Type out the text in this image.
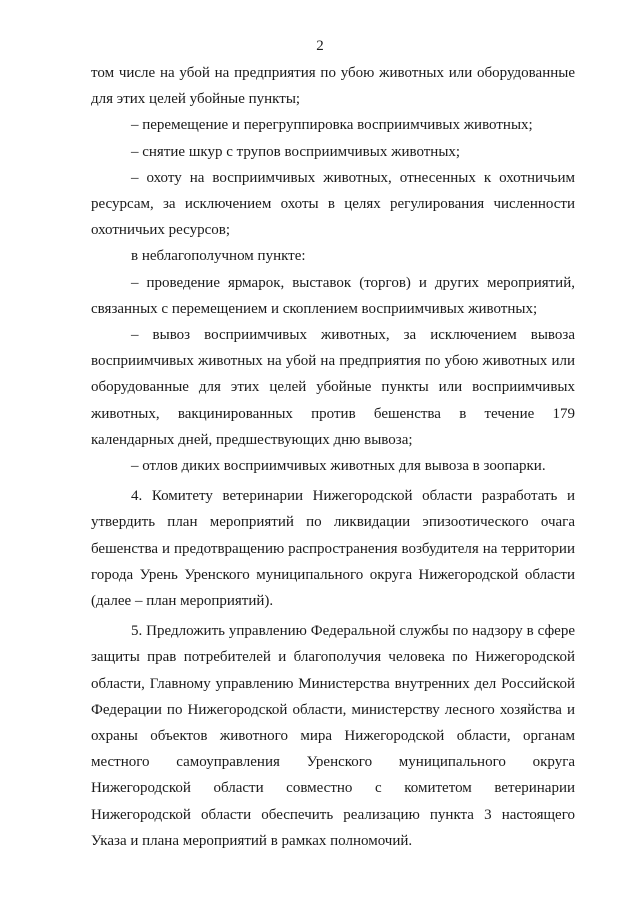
2

том числе на убой на предприятия по убою животных или оборудованные для этих целей убойные пункты;

– перемещение и перегруппировка восприимчивых животных;

– снятие шкур с трупов восприимчивых животных;

– охоту на восприимчивых животных, отнесенных к охотничьим ресурсам, за исключением охоты в целях регулирования численности охотничьих ресурсов;

в неблагополучном пункте:

– проведение ярмарок, выставок (торгов) и других мероприятий, связанных с перемещением и скоплением восприимчивых животных;

– вывоз восприимчивых животных, за исключением вывоза восприимчивых животных на убой на предприятия по убою животных или оборудованные для этих целей убойные пункты или восприимчивых животных, вакцинированных против бешенства в течение 179 календарных дней, предшествующих дню вывоза;

– отлов диких восприимчивых животных для вывоза в зоопарки.

4. Комитету ветеринарии Нижегородской области разработать и утвердить план мероприятий по ликвидации эпизоотического очага бешенства и предотвращению распространения возбудителя на территории города Урень Уренского муниципального округа Нижегородской области (далее – план мероприятий).

5. Предложить управлению Федеральной службы по надзору в сфере защиты прав потребителей и благополучия человека по Нижегородской области, Главному управлению Министерства внутренних дел Российской Федерации по Нижегородской области, министерству лесного хозяйства и охраны объектов животного мира Нижегородской области, органам местного самоуправления Уренского муниципального округа Нижегородской области совместно с комитетом ветеринарии Нижегородской области обеспечить реализацию пункта 3 настоящего Указа и плана мероприятий в рамках полномочий.
